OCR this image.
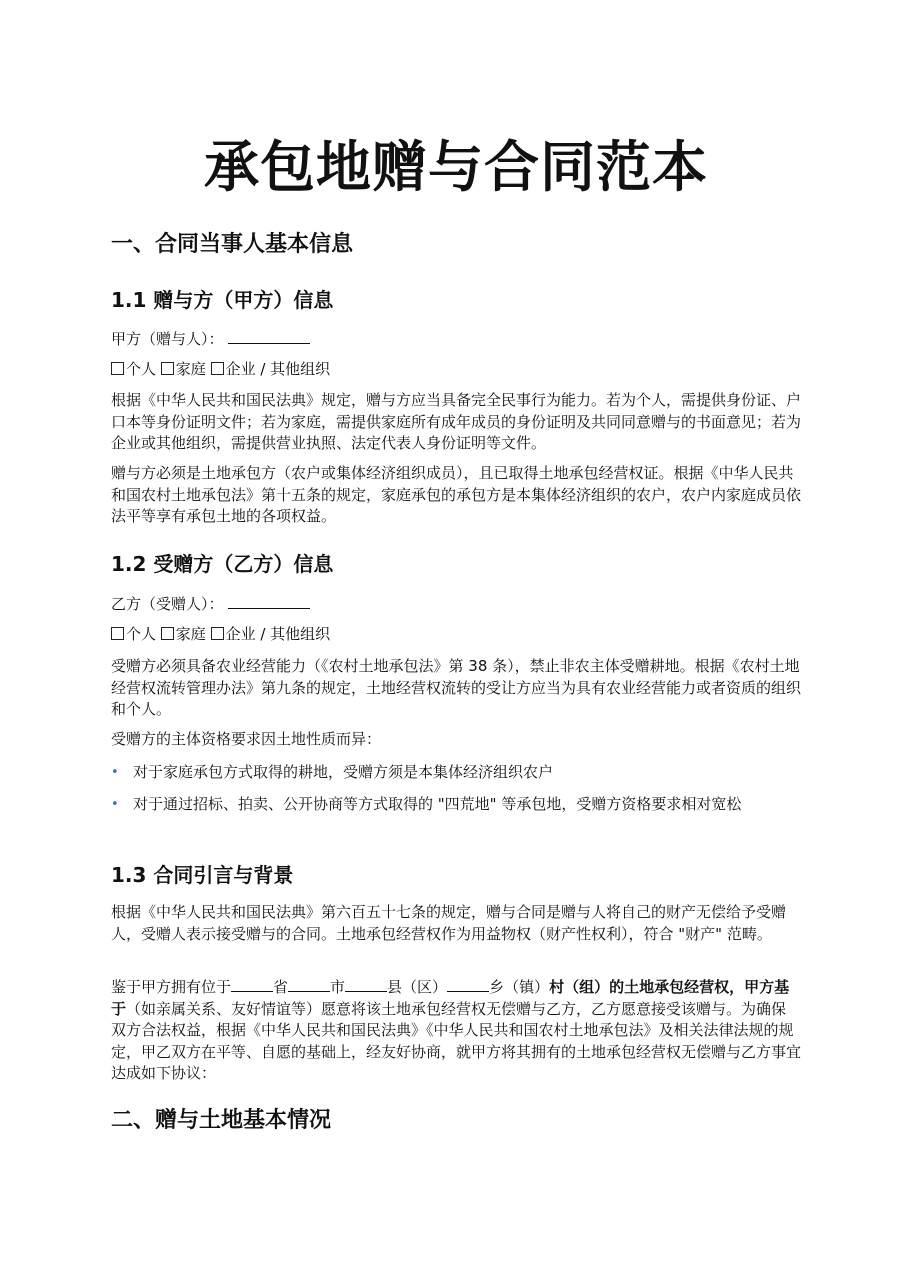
承包地赠与合同范本
一、合同当事人基本信息
1.1 赠与方（甲方）信息
甲方（赠与人）：
个人 家庭 企业 / 其他组织

根据《中华人民共和国民法典》规定，赠与方应当具备完全民事行为能力。若为个人，需提供身份证、户口本等身份证明文件；若为家庭，需提供家庭所有成年成员的身份证明及共同同意赠与的书面意见；若为企业或其他组织，需提供营业执照、法定代表人身份证明等文件。

赠与方必须是土地承包方（农户或集体经济组织成员），且已取得土地承包经营权证。根据《中华人民共和国农村土地承包法》第十五条的规定，家庭承包的承包方是本集体经济组织的农户，农户内家庭成员依法平等享有承包土地的各项权益。

1.2 受赠方（乙方）信息
乙方（受赠人）：
个人 家庭 企业 / 其他组织

受赠方必须具备农业经营能力（《农村土地承包法》第 38 条），禁止非农主体受赠耕地。根据《农村土地经营权流转管理办法》第九条的规定，土地经营权流转的受让方应当为具有农业经营能力或者资质的组织和个人。

受赠方的主体资格要求因土地性质而异：

• 对于家庭承包方式取得的耕地，受赠方须是本集体经济组织农户
• 对于通过招标、拍卖、公开协商等方式取得的 "四荒地" 等承包地，受赠方资格要求相对宽松
1.3 合同引言与背景

根据《中华人民共和国民法典》第六百五十七条的规定，赠与合同是赠与人将自己的财产无偿给予受赠人，受赠人表示接受赠与的合同。土地承包经营权作为用益物权（财产性权利），符合 "财产" 范畴。

鉴于甲方拥有位于	省	市	县（区）	乡（镇）村（组）的土地承包经营权，甲方基于（如亲属关系、友好情谊等）愿意将该土地承包经营权无偿赠与乙方，乙方愿意接受该赠与。为确保双方合法权益，根据《中华人民共和国民法典》《中华人民共和国农村土地承包法》及相关法律法规的规定，甲乙双方在平等、自愿的基础上，经友好协商，就甲方将其拥有的土地承包经营权无偿赠与乙方事宜达成如下协议：

二、赠与土地基本情况
